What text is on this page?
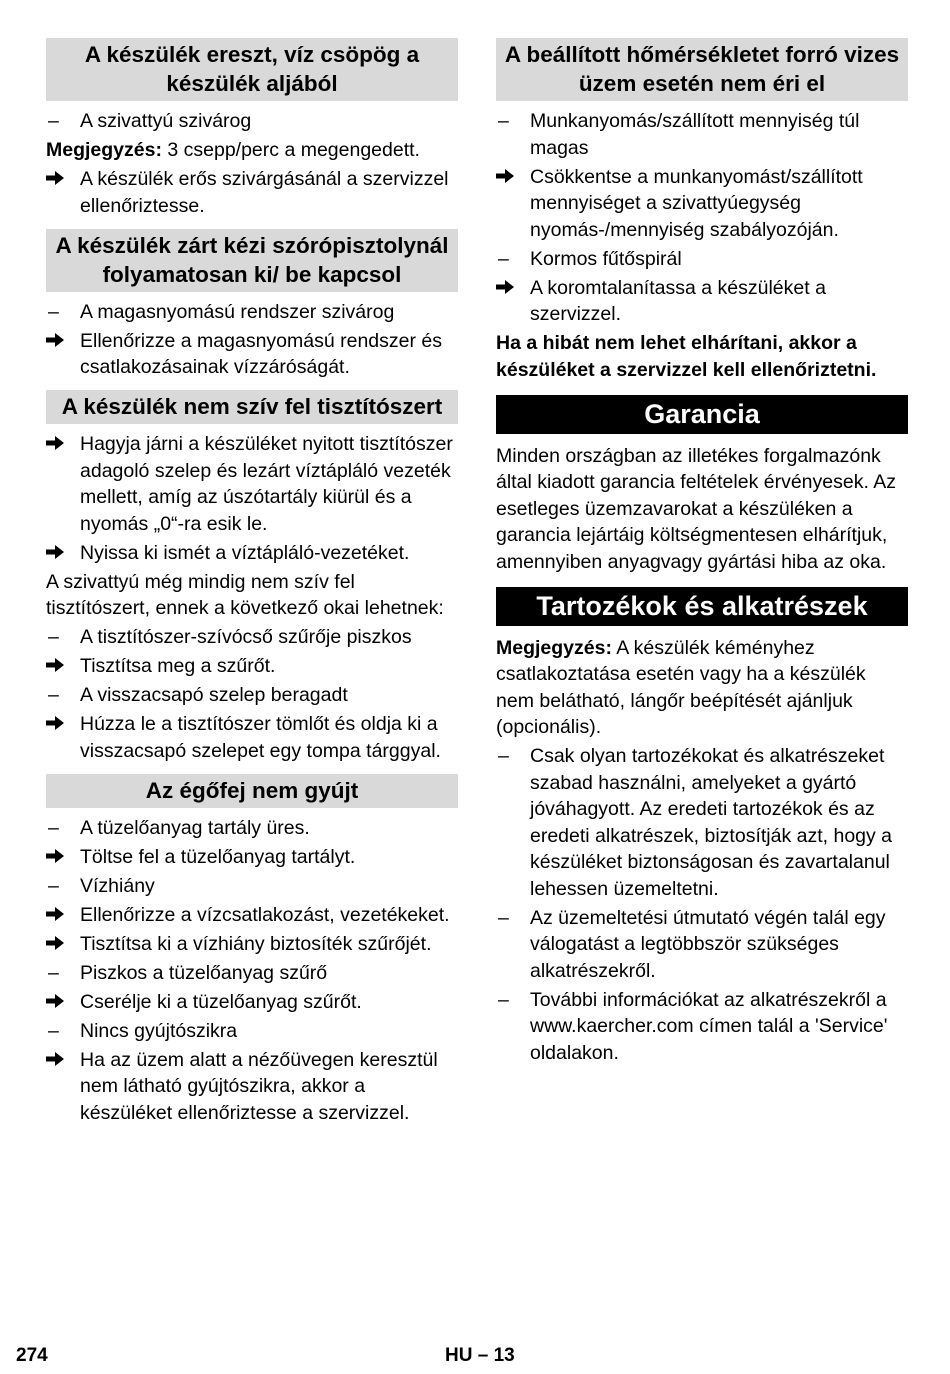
A készülék ereszt, víz csöpög a készülék aljából
–	A szivattyú szivárog
Megjegyzés: 3 csepp/perc a megengedett.
A készülék erős szivárgásánál a szervizzel ellenőriztesse.
A készülék zárt kézi szórópisztolynál folyamatosan ki/ be kapcsol
–	A magasnyomású rendszer szivárog
Ellenőrizze a magasnyomású rendszer és csatlakozásainak vízzáróságát.
A készülék nem szív fel tisztítószert
Hagyja járni a készüléket nyitott tisztítószer adagoló szelep és lezárt víztápláló vezeték mellett, amíg az úszótartály kiürül és a nyomás „0“-ra esik le.
Nyissa ki ismét a víztápláló-vezetéket.
A szivattyú még mindig nem szív fel tisztítószert, ennek a következő okai lehetnek:
–	A tisztítószer-szívócső szűrője piszkos
Tisztítsa meg a szűrőt.
–	A visszacsapó szelep beragadt
Húzza le a tisztítószer tömlőt és oldja ki a visszacsapó szelepet egy tompa tárggyal.
Az égőfej nem gyújt
–	A tüzelőanyag tartály üres.
Töltse fel a tüzelőanyag tartályt.
–	Vízhiány
Ellenőrizze a vízcsatlakozást, vezetékeket.
Tisztítsa ki a vízhiány biztosíték szűrőjét.
–	Piszkos a tüzelőanyag szűrő
Cserélje ki a tüzelőanyag szűrőt.
–	Nincs gyújtószikra
Ha az üzem alatt a nézőüvegen keresztül nem látható gyújtószikra, akkor a készüléket ellenőriztesse a szervizzel.
A beállított hőmérsékletet forró vizes üzem esetén nem éri el
–	Munkanyomás/szállított mennyiség túl magas
Csökkentse a munkanyomást/szállított mennyiséget a szivattyúegység nyomás-/mennyiség szabályozóján.
–	Kormos fűtőspirál
A koromtalanítassa a készüléket a szervizzel.
Ha a hibát nem lehet elhárítani, akkor a készüléket a szervizzel kell ellenőriztetni.
Garancia
Minden országban az illetékes forgalmazónk által kiadott garancia feltételek érvényesek. Az esetleges üzemzavarokat a készüléken a garancia lejártáig költségmentesen elhárítjuk, amennyiben anyagvagy gyártási hiba az oka.
Tartozékok és alkatrészek
Megjegyzés: A készülék kéményhez csatlakoztatása esetén vagy ha a készülék nem belátható, lángőr beépítését ajánljuk (opcionális).
–	Csak olyan tartozékokat és alkatrészeket szabad használni, amelyeket a gyártó jóváhagyott. Az eredeti tartozékok és az eredeti alkatrészek, biztosítják azt, hogy a készüléket biztonságosan és zavartalanul lehessen üzemeltetni.
–	Az üzemeltetési útmutató végén talál egy válogatást a legtöbbször szükséges alkatrészekről.
–	További információkat az alkatrészekről a www.kaercher.com címen talál a 'Service' oldalakon.
274	HU – 13
